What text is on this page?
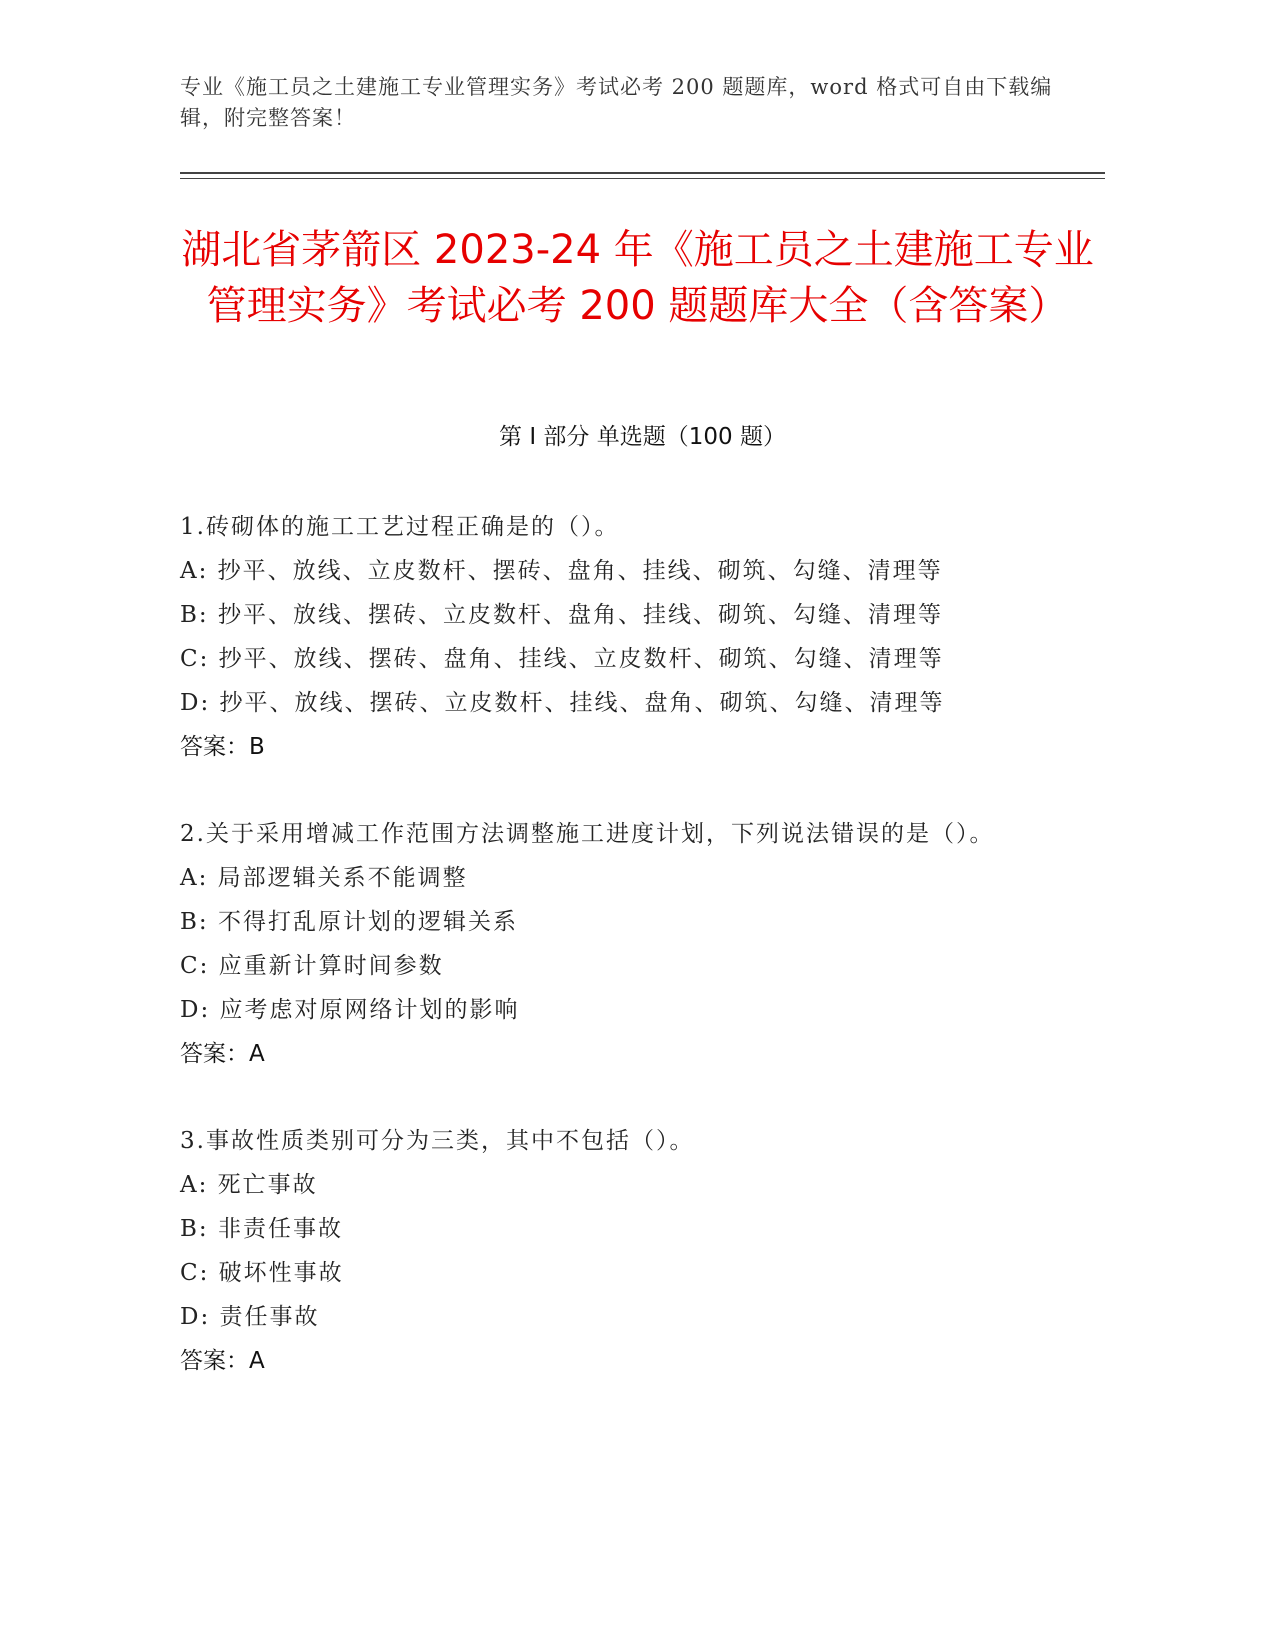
专业《施工员之土建施工专业管理实务》考试必考 200 题题库，word 格式可自由下载编辑，附完整答案！
湖北省茅箭区 2023-24 年《施工员之土建施工专业管理实务》考试必考 200 题题库大全（含答案）
第 I 部分 单选题（100 题）
1.砖砌体的施工工艺过程正确是的（）。
A: 抄平、放线、立皮数杆、摆砖、盘角、挂线、砌筑、勾缝、清理等
B: 抄平、放线、摆砖、立皮数杆、盘角、挂线、砌筑、勾缝、清理等
C: 抄平、放线、摆砖、盘角、挂线、立皮数杆、砌筑、勾缝、清理等
D: 抄平、放线、摆砖、立皮数杆、挂线、盘角、砌筑、勾缝、清理等
答案：B
2.关于采用增减工作范围方法调整施工进度计划，下列说法错误的是（）。
A: 局部逻辑关系不能调整
B: 不得打乱原计划的逻辑关系
C: 应重新计算时间参数
D: 应考虑对原网络计划的影响
答案：A
3.事故性质类别可分为三类，其中不包括（）。
A: 死亡事故
B: 非责任事故
C: 破坏性事故
D: 责任事故
答案：A
